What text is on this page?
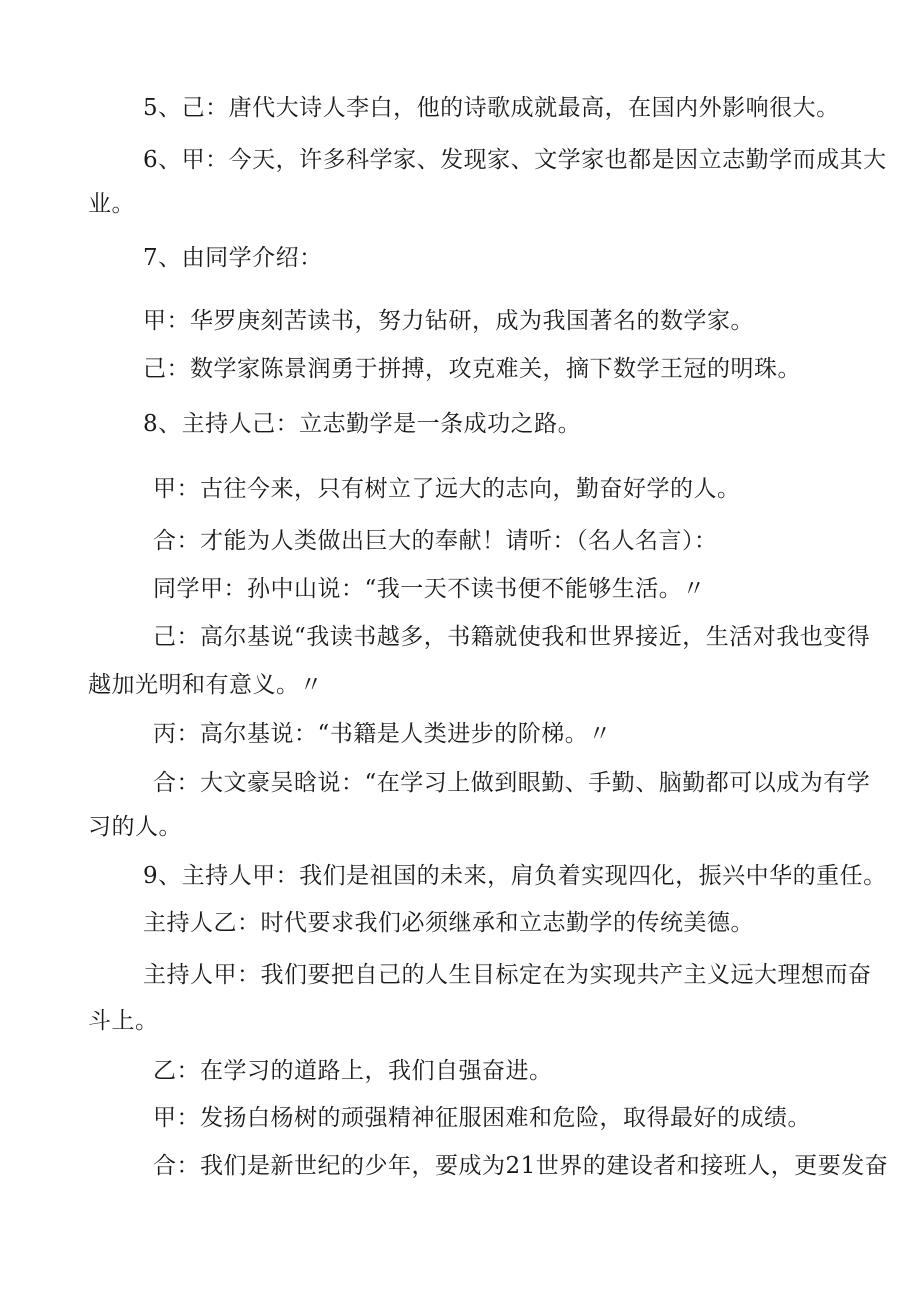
5、己：唐代大诗人李白，他的诗歌成就最高，在国内外影响很大。
6、甲：今天，许多科学家、发现家、文学家也都是因立志勤学而成其大
业。
7、由同学介绍：
甲：华罗庚刻苦读书，努力钻研，成为我国著名的数学家。
己：数学家陈景润勇于拼搏，攻克难关，摘下数学王冠的明珠。
8、主持人己：立志勤学是一条成功之路。
甲：古往今来，只有树立了远大的志向，勤奋好学的人。
合：才能为人类做出巨大的奉献！请听：（名人名言）：
同学甲：孙中山说：“我一天不读书便不能够生活。〃
己：高尔基说“我读书越多，书籍就使我和世界接近，生活对我也变得
越加光明和有意义。〃
丙：高尔基说：“书籍是人类进步的阶梯。〃
合：大文豪吴晗说：“在学习上做到眼勤、手勤、脑勤都可以成为有学
习的人。
9、主持人甲：我们是祖国的未来，肩负着实现四化，振兴中华的重任。
主持人乙：时代要求我们必须继承和立志勤学的传统美德。
主持人甲：我们要把自己的人生目标定在为实现共产主义远大理想而奋
斗上。
乙：在学习的道路上，我们自强奋进。
甲：发扬白杨树的顽强精神征服困难和危险，取得最好的成绩。
合：我们是新世纪的少年，要成为21世界的建设者和接班人，更要发奋
